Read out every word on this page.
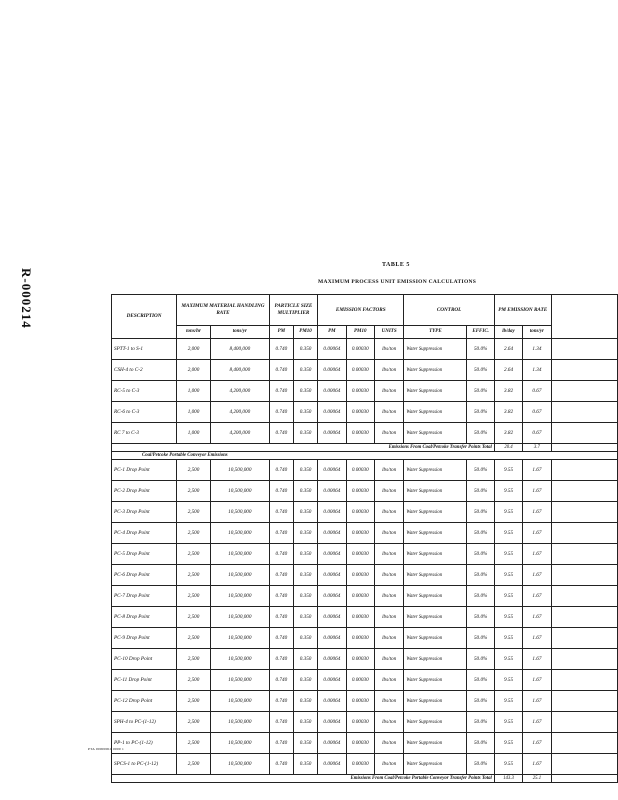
R-000214
TABLE 5
MAXIMUM PROCESS UNIT EMISSION CALCULATIONS
DESCRIPTION	MAXIMUM MATERIAL HANDLING RATE		PARTICLE SIZE MULTIPLIER		EMISSION FACTORS			CONTROL		PM EMISSION RATE		
	tons/hr	tons/yr	PM	PM10	PM	PM10	UNITS	TYPE	EFFIC.	lb/day	tons/yr	
SPTT-1 to S-1	2,000	8,400,000	0.740	0.350	0.00064	0.00030	lbs/ton	Water Suppression	50.0%	2.64	1.34	
CSH-4 to C-2	2,000	8,400,000	0.740	0.350	0.00064	0.00030	lbs/ton	Water Suppression	50.0%	2.64	1.34	
RC-5 to C-3	1,000	4,200,000	0.740	0.350	0.00064	0.00030	lbs/ton	Water Suppression	50.0%	3.82	0.67	
RC-6 to C-3	1,000	4,200,000	0.740	0.350	0.00064	0.00030	lbs/ton	Water Suppression	50.0%	3.82	0.67	
RC 7 to C-3	1,000	4,200,000	0.740	0.350	0.00064	0.00030	lbs/ton	Water Suppression	50.0%	3.82	0.67	
Emissions From Coal/Petcoke Transfer Points Total										20.4	3.7	
Coal/Petcoke Portable Conveyor Emissions												
PC-1 Drop Point	2,500	10,500,000	0.740	0.350	0.00064	0.00030	lbs/ton	Water Suppression	50.0%	9.55	1.67	
PC-2 Drop Point	2,500	10,500,000	0.740	0.350	0.00064	0.00030	lbs/ton	Water Suppression	50.0%	9.55	1.67	
PC-3 Drop Point	2,500	10,500,000	0.740	0.350	0.00064	0.00030	lbs/ton	Water Suppression	50.0%	9.55	1.67	
PC-4 Drop Point	2,500	10,500,000	0.740	0.350	0.00064	0.00030	lbs/ton	Water Suppression	50.0%	9.55	1.67	
PC-5 Drop Point	2,500	10,500,000	0.740	0.350	0.00064	0.00030	lbs/ton	Water Suppression	50.0%	9.55	1.67	
PC-6 Drop Point	2,500	10,500,000	0.740	0.350	0.00064	0.00030	lbs/ton	Water Suppression	50.0%	9.55	1.67	
PC-7 Drop Point	2,500	10,500,000	0.740	0.350	0.00064	0.00030	lbs/ton	Water Suppression	50.0%	9.55	1.67	
PC-8 Drop Point	2,500	10,500,000	0.740	0.350	0.00064	0.00030	lbs/ton	Water Suppression	50.0%	9.55	1.67	
PC-9 Drop Point	2,500	10,500,000	0.740	0.350	0.00064	0.00030	lbs/ton	Water Suppression	50.0%	9.55	1.67	
PC-10 Drop Point	2,500	10,500,000	0.740	0.350	0.00064	0.00030	lbs/ton	Water Suppression	50.0%	9.55	1.67	
PC-11 Drop Point	2,500	10,500,000	0.740	0.350	0.00064	0.00030	lbs/ton	Water Suppression	50.0%	9.55	1.67	
PC-12 Drop Point	2,500	10,500,000	0.740	0.350	0.00064	0.00030	lbs/ton	Water Suppression	50.0%	9.55	1.67	
SPH-4 to PC-(1-12)	2,500	10,500,000	0.740	0.350	0.00064	0.00030	lbs/ton	Water Suppression	50.0%	9.55	1.67	
PP-1 to PC-(1-12)	2,500	10,500,000	0.740	0.350	0.00064	0.00030	lbs/ton	Water Suppression	50.0%	9.55	1.67	
SPCS-1 to PC-(1-12)	2,500	10,500,000	0.740	0.350	0.00064	0.00030	lbs/ton	Water Suppression	50.0%	9.55	1.67	
Emissions From Coal/Petcoke Portable Conveyor Transfer Points Total										143.3	25.1	
PTA 0000000A 0000 1
